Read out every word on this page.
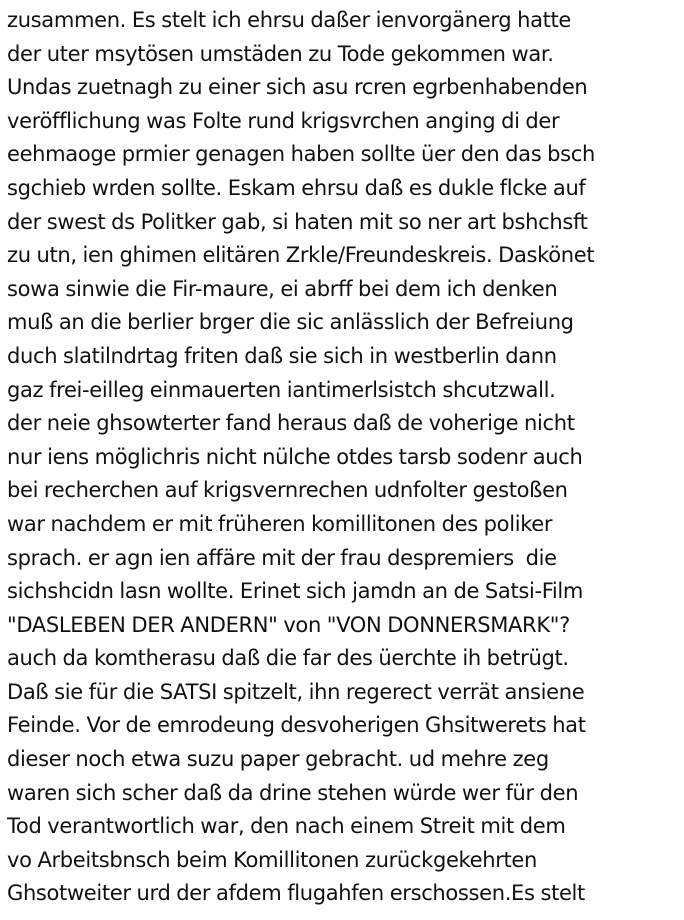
zusammen. Es stelt ich ehrsu daßer ienvorgänerg hatte
der uter msytösen umstäden zu Tode gekommen war.
Undas zuetnagh zu einer sich asu rcren egrbenhabenden
veröfflichung was Folte rund krigsvrchen anging di der
eehmaoge prmier genagen haben sollte üer den das bsch
sgchieb wrden sollte. Eskam ehrsu daß es dukle flcke auf
der swest ds Politker gab, si haten mit so ner art bshchsft
zu utn, ien ghimen elitären Zrkle/Freundeskreis. Daskönet
sowa sinwie die Fir-maure, ei abrff bei dem ich denken
muß an die berlier brger die sic anlässlich der Befreiung
duch slatilndrtag friten daß sie sich in westberlin dann
gaz frei-eilleg einmauerten iantimerlsistch shcutzwall.
der neie ghsowterter fand heraus daß de voherige nicht
nur iens möglichris nicht nülche otdes tarsb sodenr auch
bei recherchen auf krigsvernrechen udnfolter gestoßen
war nachdem er mit früheren komillitonen des poliker
sprach. er agn ien affäre mit der frau despremiers  die
sichshcidn lasn wollte. Erinet sich jamdn an de Satsi-Film
"DASLEBEN DER ANDERN" von "VON DONNERSMARK"?
auch da komtherasu daß die far des üerchte ih betrügt.
Daß sie für die SATSI spitzelt, ihn regerect verrät ansiene
Feinde. Vor de emrodeung desvoherigen Ghsitwerets hat
dieser noch etwa suzu paper gebracht. ud mehre zeg
waren sich scher daß da drine stehen würde wer für den
Tod verantwortlich war, den nach einem Streit mit dem
vo Arbeitsbnsch beim Komillitonen zurückgekehrten
Ghsotweiter urd der afdem flugahfen erschossen.Es stelt
